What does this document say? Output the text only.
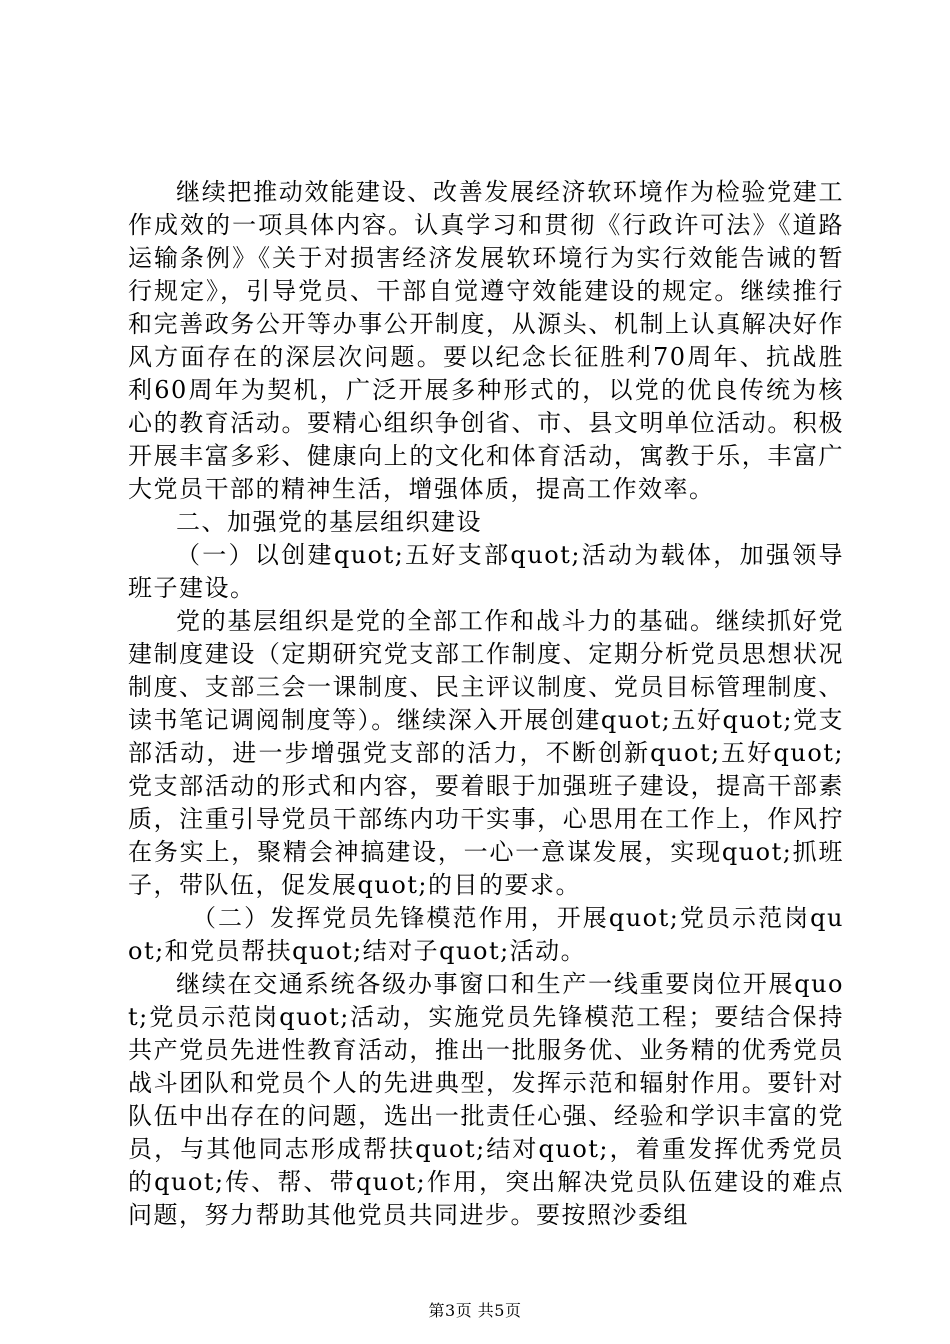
继续把推动效能建设、改善发展经济软环境作为检验党建工作成效的一项具体内容。认真学习和贯彻《行政许可法》《道路运输条例》《关于对损害经济发展软环境行为实行效能告诫的暂行规定》，引导党员、干部自觉遵守效能建设的规定。继续推行和完善政务公开等办事公开制度，从源头、机制上认真解决好作风方面存在的深层次问题。要以纪念长征胜利70周年、抗战胜利60周年为契机，广泛开展多种形式的，以党的优良传统为核心的教育活动。要精心组织争创省、市、县文明单位活动。积极开展丰富多彩、健康向上的文化和体育活动，寓教于乐，丰富广大党员干部的精神生活，增强体质，提高工作效率。

二、加强党的基层组织建设

（一）以创建quot;五好支部quot;活动为载体，加强领导班子建设。

党的基层组织是党的全部工作和战斗力的基础。继续抓好党建制度建设（定期研究党支部工作制度、定期分析党员思想状况制度、支部三会一课制度、民主评议制度、党员目标管理制度、读书笔记调阅制度等）。继续深入开展创建quot;五好quot;党支部活动，进一步增强党支部的活力，不断创新quot;五好quot;党支部活动的形式和内容，要着眼于加强班子建设，提高干部素质，注重引导党员干部练内功干实事，心思用在工作上，作风拧在务实上，聚精会神搞建设，一心一意谋发展，实现quot;抓班子，带队伍，促发展quot;的目的要求。

（二）发挥党员先锋模范作用，开展quot;党员示范岗quot;和党员帮扶quot;结对子quot;活动。

继续在交通系统各级办事窗口和生产一线重要岗位开展quot;党员示范岗quot;活动，实施党员先锋模范工程；要结合保持共产党员先进性教育活动，推出一批服务优、业务精的优秀党员战斗团队和党员个人的先进典型，发挥示范和辐射作用。要针对队伍中出存在的问题，选出一批责任心强、经验和学识丰富的党员，与其他同志形成帮扶quot;结对quot;，着重发挥优秀党员的quot;传、帮、带quot;作用，突出解决党员队伍建设的难点问题，努力帮助其他党员共同进步。要按照沙委组

第3页 共5页
